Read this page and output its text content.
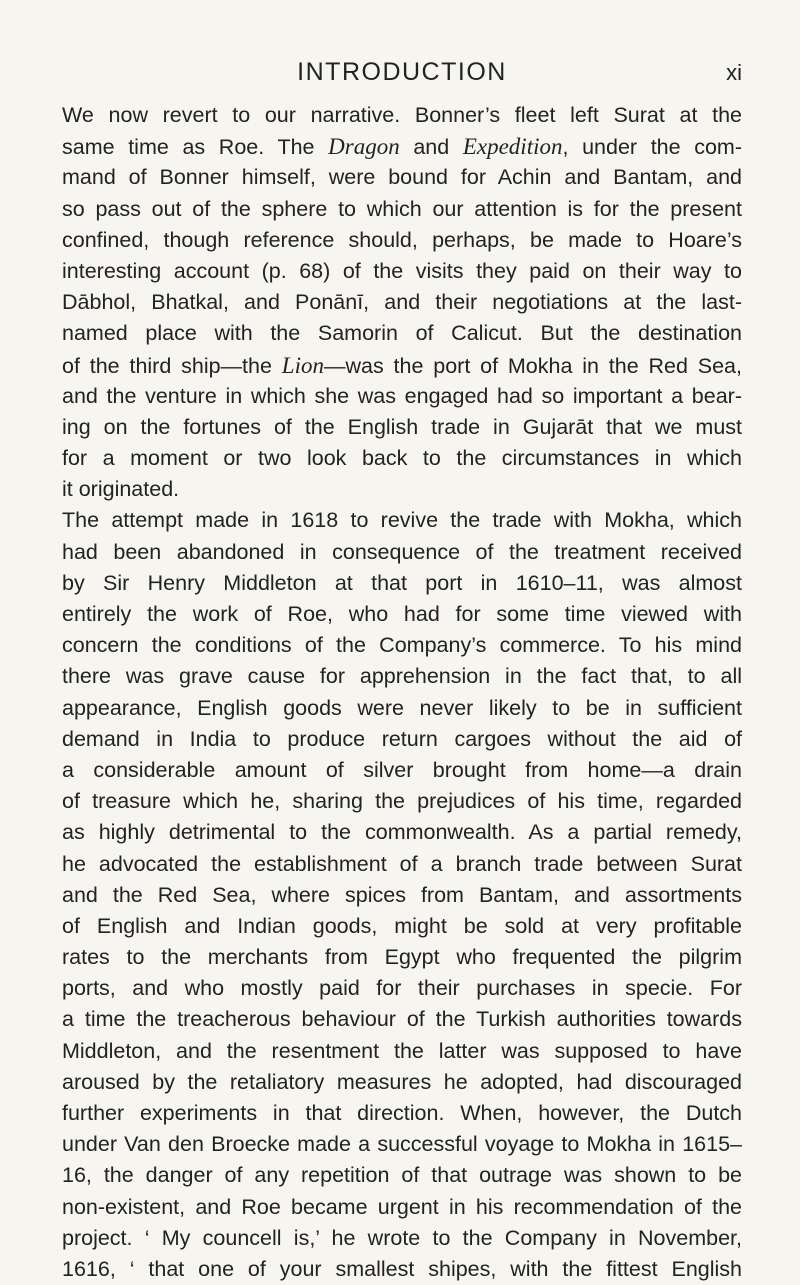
INTRODUCTION	xi
We now revert to our narrative. Bonner’s fleet left Surat at the
same time as Roe. The Dragon and Expedition, under the com-
mand of Bonner himself, were bound for Achin and Bantam, and
so pass out of the sphere to which our attention is for the present
confined, though reference should, perhaps, be made to Hoare’s
interesting account (p. 68) of the visits they paid on their way to
Dābhol, Bhatkal, and Ponānī, and their negotiations at the last-
named place with the Samorin of Calicut. But the destination
of the third ship—the Lion—was the port of Mokha in the Red Sea,
and the venture in which she was engaged had so important a bear-
ing on the fortunes of the English trade in Gujarāt that we must
for a moment or two look back to the circumstances in which
it originated.
The attempt made in 1618 to revive the trade with Mokha, which
had been abandoned in consequence of the treatment received
by Sir Henry Middleton at that port in 1610–11, was almost
entirely the work of Roe, who had for some time viewed with
concern the conditions of the Company’s commerce. To his mind
there was grave cause for apprehension in the fact that, to all
appearance, English goods were never likely to be in sufficient
demand in India to produce return cargoes without the aid of
a considerable amount of silver brought from home—a drain
of treasure which he, sharing the prejudices of his time, regarded
as highly detrimental to the commonwealth. As a partial remedy,
he advocated the establishment of a branch trade between Surat
and the Red Sea, where spices from Bantam, and assortments
of English and Indian goods, might be sold at very profitable
rates to the merchants from Egypt who frequented the pilgrim
ports, and who mostly paid for their purchases in specie. For
a time the treacherous behaviour of the Turkish authorities towards
Middleton, and the resentment the latter was supposed to have
aroused by the retaliatory measures he adopted, had discouraged
further experiments in that direction. When, however, the Dutch
under Van den Broecke made a successful voyage to Mokha in 1615–
16, the danger of any repetition of that outrage was shown to be
non-existent, and Roe became urgent in his recommendation of the
project. ‘ My councell is,’ he wrote to the Company in November,
1616, ‘ that one of your smallest shipes, with the fittest English
